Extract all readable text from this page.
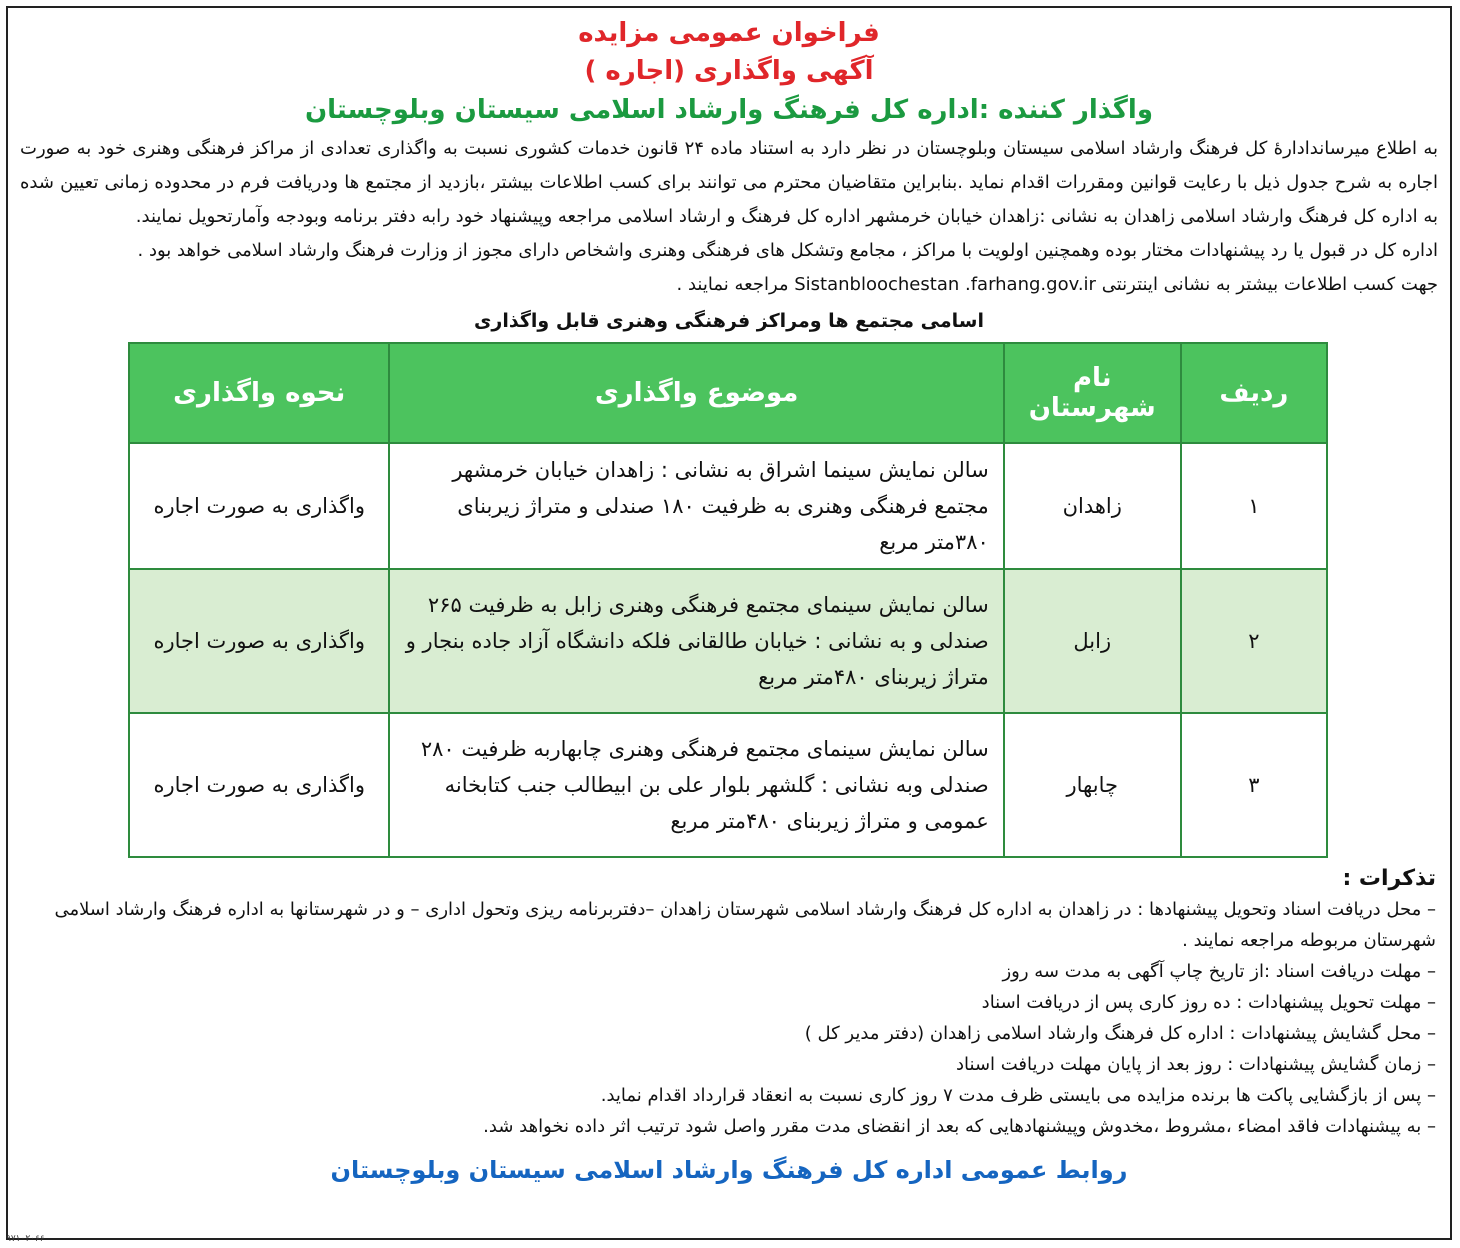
فراخوان عمومی مزایده
آگهی واگذاری (اجاره )
واگذار کننده :اداره کل فرهنگ وارشاد اسلامی سیستان وبلوچستان

به اطلاع میرساندادارهٔ کل فرهنگ وارشاد اسلامی سیستان وبلوچستان در نظر دارد به استناد ماده ۲۴ قانون خدمات کشوری نسبت به واگذاری تعدادی از مراکز فرهنگی وهنری خود به صورت اجاره به شرح جدول ذیل با رعایت قوانین ومقررات اقدام نماید .بنابراین متقاضیان محترم می توانند برای کسب اطلاعات بیشتر ،بازدید از مجتمع ها ودریافت فرم در محدوده زمانی تعیین شده به اداره کل فرهنگ وارشاد اسلامی زاهدان به نشانی :زاهدان خیابان خرمشهر اداره کل فرهنگ و ارشاد اسلامی مراجعه وپیشنهاد خود رابه دفتر برنامه وبودجه وآمارتحویل نمایند.

اداره کل در قبول یا رد پیشنهادات مختار بوده وهمچنین اولویت با مراکز ، مجامع وتشکل های فرهنگی وهنری واشخاص دارای مجوز از وزارت فرهنگ وارشاد اسلامی خواهد بود .

جهت کسب اطلاعات بیشتر به نشانی اینترنتی Sistanbloochestan .farhang.gov.ir مراجعه نمایند .

اسامی مجتمع ها ومراکز فرهنگی وهنری قابل واگذاری
ردیف	نام شهرستان	موضوع واگذاری	نحوه واگذاری
۱	زاهدان	سالن نمایش سینما اشراق به نشانی : زاهدان خیابان خرمشهر مجتمع فرهنگی وهنری به ظرفیت ۱۸۰ صندلی و متراژ زیربنای ۳۸۰متر مربع	واگذاری به صورت اجاره
۲	زابل	سالن نمایش سینمای مجتمع فرهنگی وهنری زابل به ظرفیت ۲۶۵ صندلی و به نشانی : خیابان طالقانی فلکه دانشگاه آزاد جاده بنجار و متراژ زیربنای ۴۸۰متر مربع	واگذاری به صورت اجاره
۳	چابهار	سالن نمایش سینمای مجتمع فرهنگی وهنری چابهاربه ظرفیت ۲۸۰ صندلی وبه نشانی : گلشهر بلوار علی بن ابیطالب جنب کتابخانه عمومی و متراژ زیربنای ۴۸۰متر مربع	واگذاری به صورت اجاره
تذکرات :
– محل دریافت اسناد وتحویل پیشنهادها : در زاهدان به اداره کل فرهنگ وارشاد اسلامی شهرستان زاهدان –دفتربرنامه ریزی وتحول اداری – و در شهرستانها به اداره فرهنگ وارشاد اسلامی شهرستان مربوطه مراجعه نمایند .
– مهلت دریافت اسناد :از تاریخ چاپ آگهی به مدت سه روز
– مهلت تحویل پیشنهادات : ده روز کاری پس از دریافت اسناد
– محل گشایش پیشنهادات : اداره کل فرهنگ وارشاد اسلامی زاهدان (دفتر مدیر کل )
– زمان گشایش پیشنهادات : روز بعد از پایان مهلت دریافت اسناد
– پس از بازگشایی پاکت ها برنده مزایده می بایستی ظرف مدت ۷ روز کاری نسبت به انعقاد قرارداد اقدام نماید.
– به پیشنهادات فاقد امضاء ،مشروط ،مخدوش وپیشنهادهایی که بعد از انقضای مدت مقرر واصل شود ترتیب اثر داده نخواهد شد.
روابط عمومی اداره کل فرهنگ وارشاد اسلامی سیستان وبلوچستان
۹۷۱۰۲۰۶۶
